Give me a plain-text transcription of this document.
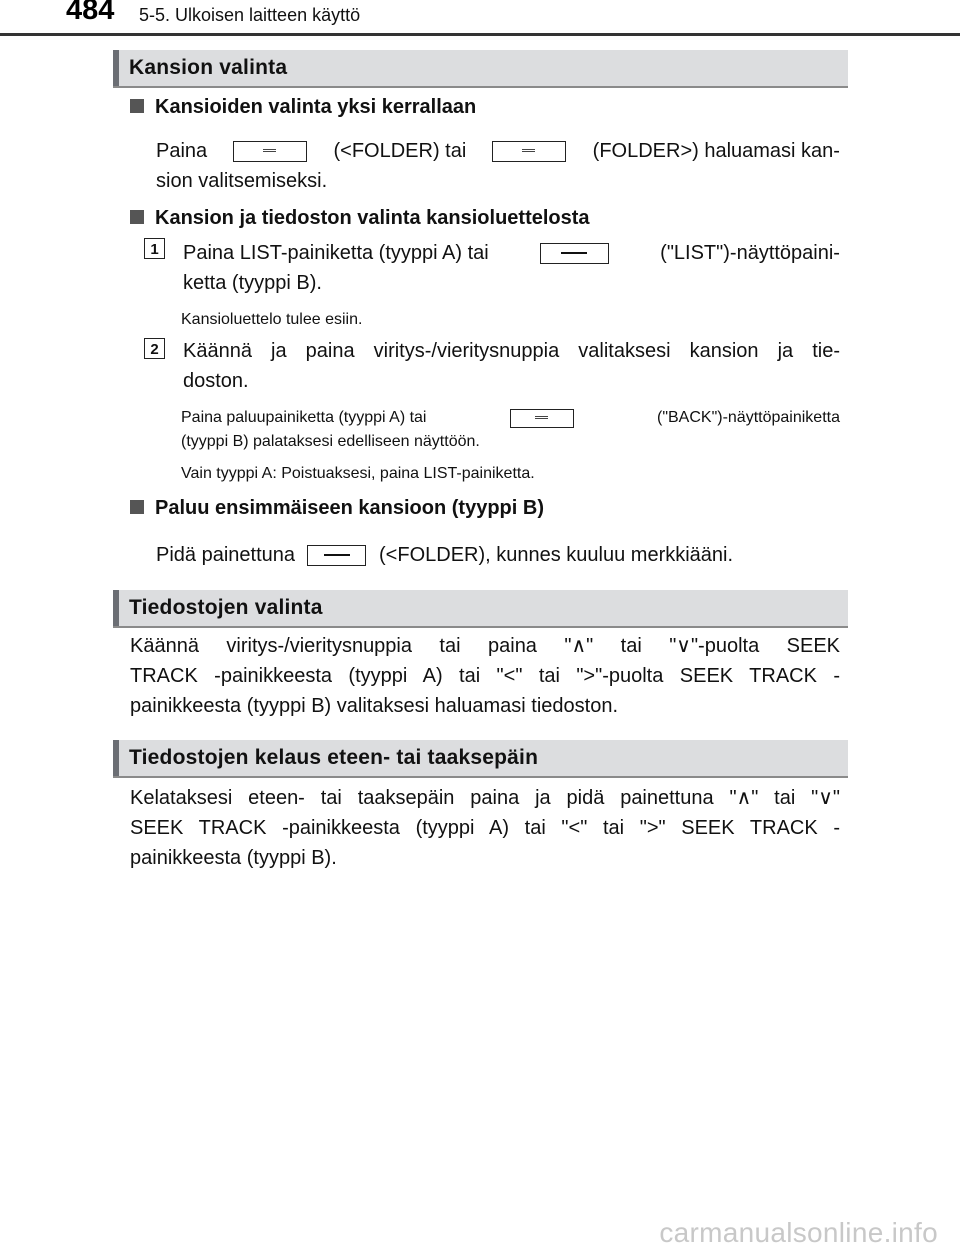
484 5-5. Ulkoisen laitteen käyttö
Kansion valinta
Kansioiden valinta yksi kerrallaan
Paina	(<FOLDER) tai	(FOLDER>) haluamasi kan-
sion valitsemiseksi.
Kansion ja tiedoston valinta kansioluettelosta
1	Paina LIST-painiketta (tyyppi A) tai	("LIST")-näyttöpaini-
ketta (tyyppi B).
Kansioluettelo tulee esiin.
2	Käännä ja paina viritys-/vieritysnuppia valitaksesi kansion ja tie-
doston.
Paina paluupainiketta (tyyppi A) tai	("BACK")-näyttöpainiketta
(tyyppi B) palataksesi edelliseen näyttöön.
Vain tyyppi A: Poistuaksesi, paina LIST-painiketta.
Paluu ensimmäiseen kansioon (tyyppi B)
Pidä painettuna	(<FOLDER), kunnes kuuluu merkkiääni.
Tiedostojen valinta
Käännä viritys-/vieritysnuppia tai paina "∧" tai "∨"-puolta SEEK
TRACK -painikkeesta (tyyppi A) tai "<" tai ">"-puolta SEEK TRACK -
painikkeesta (tyyppi B) valitaksesi haluamasi tiedoston.
Tiedostojen kelaus eteen- tai taaksepäin
Kelataksesi eteen- tai taaksepäin paina ja pidä painettuna "∧" tai "∨"
SEEK TRACK -painikkeesta (tyyppi A) tai "<" tai ">" SEEK TRACK -
painikkeesta (tyyppi B).
carmanualsonline.info
